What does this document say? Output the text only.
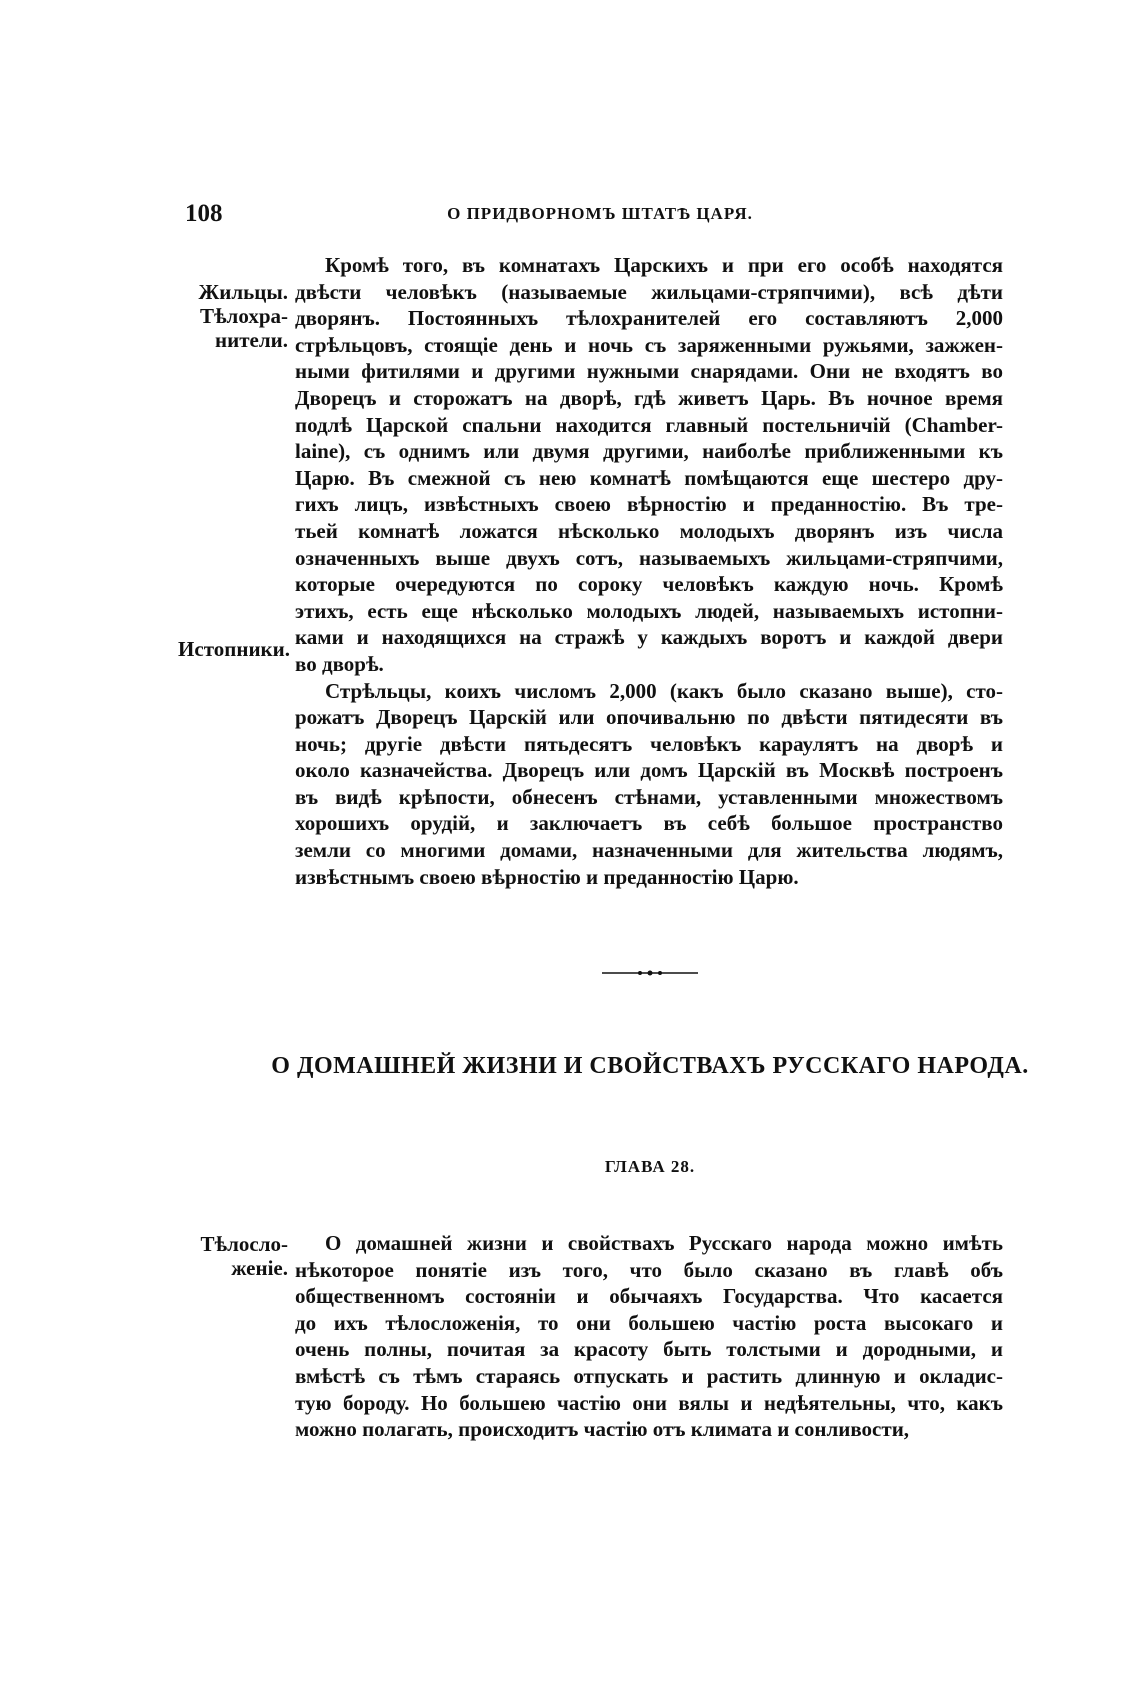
108	О ПРИДВОРНОМЪ ШТАТѢ ЦАРЯ.
Жильцы.
Тѣлохра-
нители.
Истопники.
Кромѣ того, въ комнатахъ Царскихъ и при его особѣ находятся
двѣсти человѣкъ (называемые жильцами-стряпчими), всѣ дѣти
дворянъ. Постоянныхъ тѣлохранителей его составляютъ 2,000
стрѣльцовъ, стоящіе день и ночь съ заряженными ружьями, зажжен-
ными фитилями и другими нужными снарядами. Они не входятъ во
Дворецъ и сторожатъ на дворѣ, гдѣ живетъ Царь. Въ ночное время
подлѣ Царской спальни находится главный постельничій (Chamber-
laine), съ однимъ или двумя другими, наиболѣе приближенными къ
Царю. Въ смежной съ нею комнатѣ помѣщаются еще шестеро дру-
гихъ лицъ, извѣстныхъ своею вѣрностію и преданностію. Въ тре-
тьей комнатѣ ложатся нѣсколько молодыхъ дворянъ изъ числа
означенныхъ выше двухъ сотъ, называемыхъ жильцами-стряпчими,
которые очередуются по сороку человѣкъ каждую ночь. Кромѣ
этихъ, есть еще нѣсколько молодыхъ людей, называемыхъ истопни-
ками и находящихся на стражѣ у каждыхъ воротъ и каждой двери
во дворѣ.
Стрѣльцы, коихъ числомъ 2,000 (какъ было сказано выше), сто-
рожатъ Дворецъ Царскій или опочивальню по двѣсти пятидесяти въ
ночь; другіе двѣсти пятьдесятъ человѣкъ караулятъ на дворѣ и
около казначейства. Дворецъ или домъ Царскій въ Москвѣ построенъ
въ видѣ крѣпости, обнесенъ стѣнами, уставленными множествомъ
хорошихъ орудій, и заключаетъ въ себѣ большое пространство
земли со многими домами, назначенными для жительства людямъ,
извѣстнымъ своею вѣрностію и преданностію Царю.
О ДОМАШНЕЙ ЖИЗНИ И СВОЙСТВАХЪ РУССКАГО НАРОДА.
ГЛАВА 28.
Тѣлосло-
женіе.
О домашней жизни и свойствахъ Русскаго народа можно имѣть
нѣкоторое понятіе изъ того, что было сказано въ главѣ объ
общественномъ состояніи и обычаяхъ Государства. Что касается
до ихъ тѣлосложенія, то они большею частію роста высокаго и
очень полны, почитая за красоту быть толстыми и дородными, и
вмѣстѣ съ тѣмъ стараясь отпускать и растить длинную и окладис-
тую бороду. Но большею частію они вялы и недѣятельны, что, какъ
можно полагать, происходитъ частію отъ климата и сонливости,
